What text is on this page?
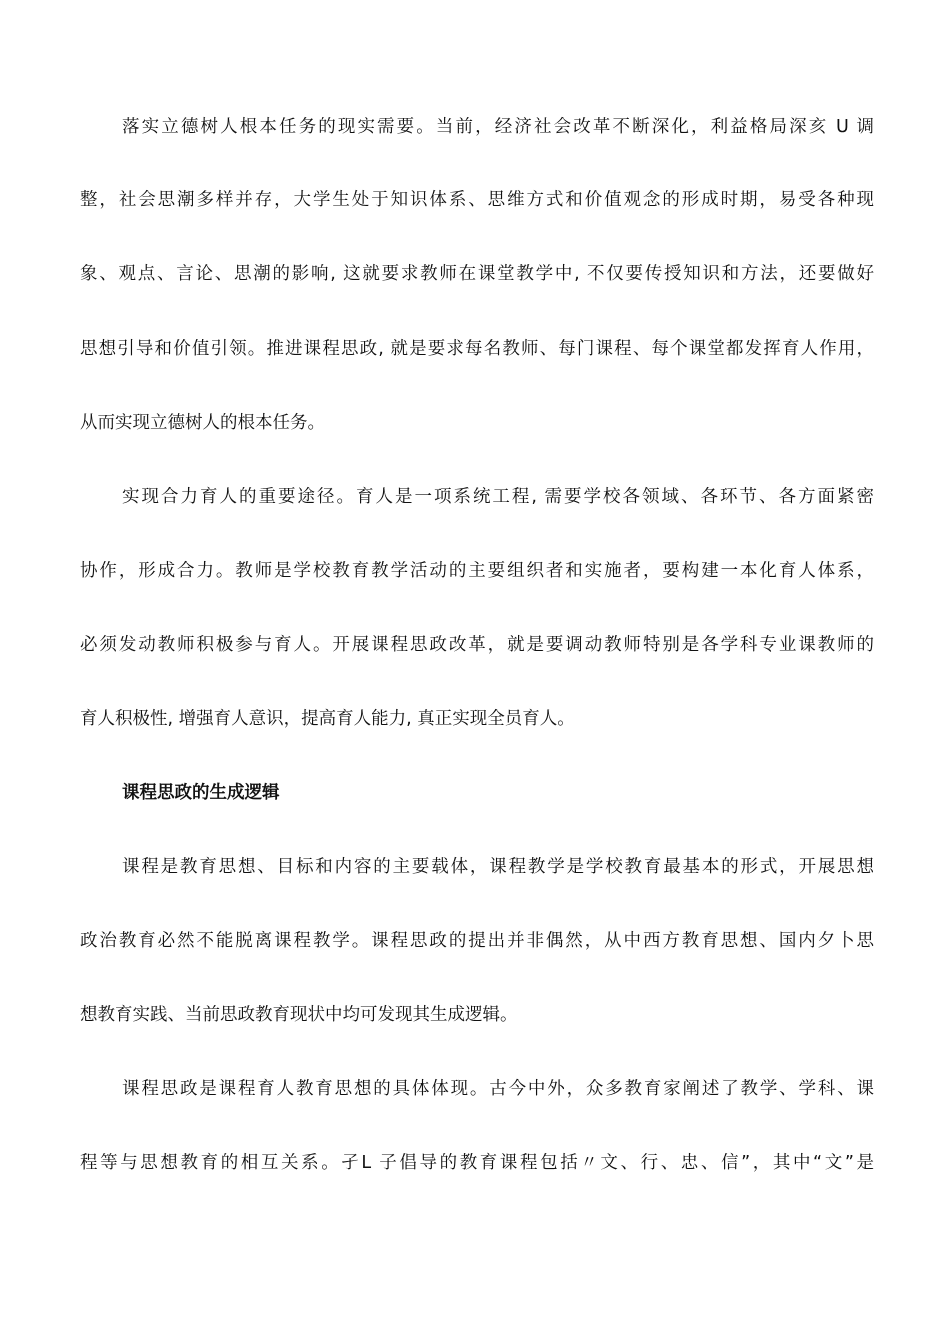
落实立德树人根本任务的现实需要。当前，经济社会改革不断深化，利益格局深亥 U 调
整，社会思潮多样并存，大学生处于知识体系、思维方式和价值观念的形成时期，易受各种现
象、观点、言论、思潮的影响, 这就要求教师在课堂教学中, 不仅要传授知识和方法，还要做好
思想引导和价值引领。推进课程思政, 就是要求每名教师、每门课程、每个课堂都发挥育人作用，
从而实现立德树人的根本任务。
实现合力育人的重要途径。育人是一项系统工程, 需要学校各领域、各环节、各方面紧密
协作，形成合力。教师是学校教育教学活动的主要组织者和实施者，要构建一本化育人体系，
必须发动教师积极参与育人。开展课程思政改革，就是要调动教师特别是各学科专业课教师的
育人积极性, 增强育人意识，提高育人能力, 真正实现全员育人。
课程思政的生成逻辑
课程是教育思想、目标和内容的主要载体，课程教学是学校教育最基本的形式，开展思想
政治教育必然不能脱离课程教学。课程思政的提出并非偶然，从中西方教育思想、国内夕卜思
想教育实践、当前思政教育现状中均可发现其生成逻辑。
课程思政是课程育人教育思想的具体体现。古今中外，众多教育家阐述了教学、学科、课
程等与思想教育的相互关系。孑L 子倡导的教育课程包括〃文、行、忠、信”，其中“文”是
